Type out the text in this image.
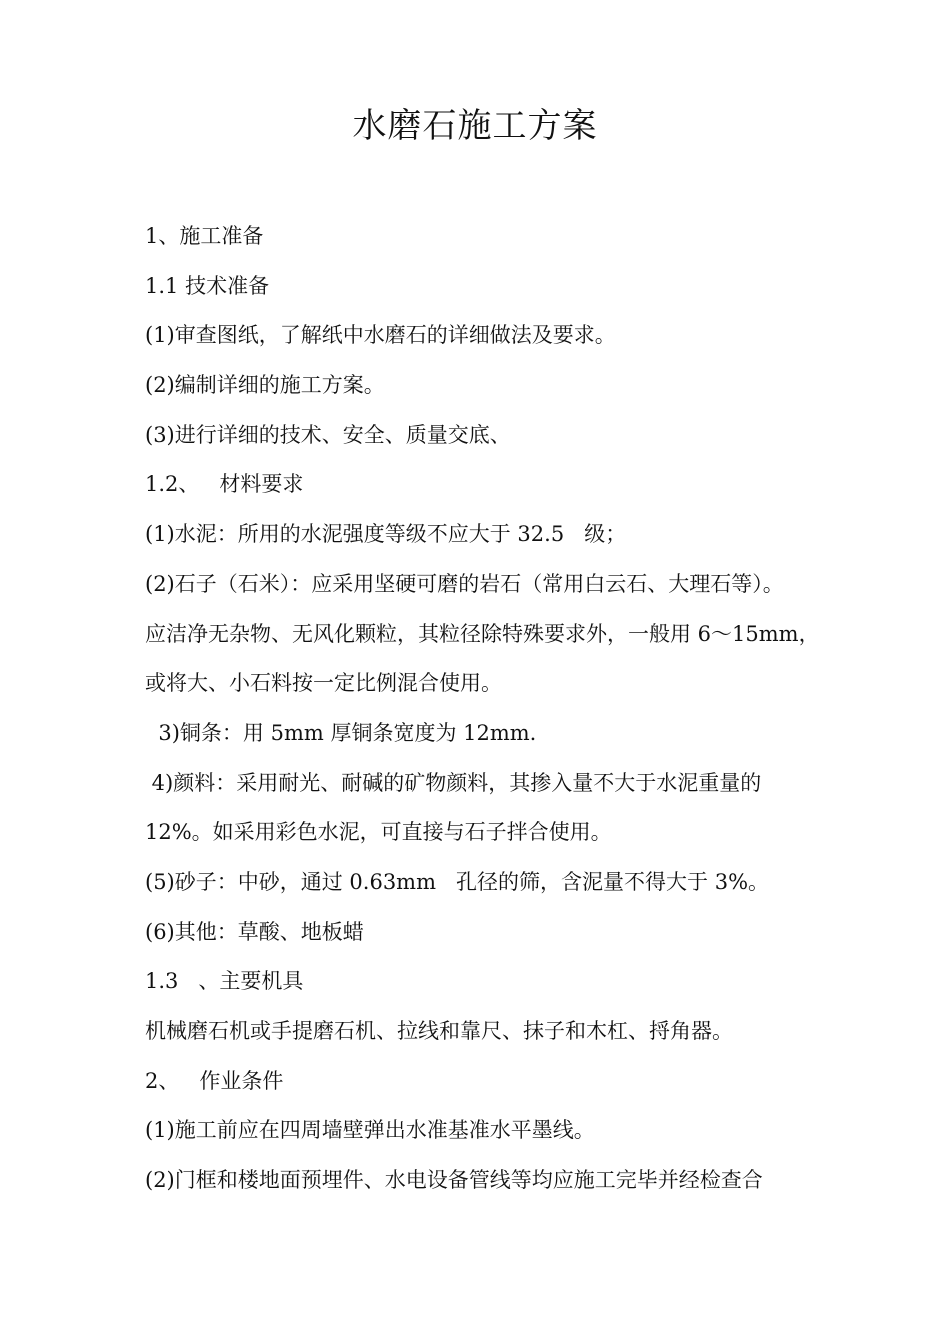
水磨石施工方案
1、施工准备
1.1 技术准备
(1)审查图纸，了解纸中水磨石的详细做法及要求。
(2)编制详细的施工方案。
(3)进行详细的技术、安全、质量交底、
1.2、   材料要求
(1)水泥：所用的水泥强度等级不应大于 32.5   级；
(2)石子（石米）：应采用坚硬可磨的岩石（常用白云石、大理石等）。
应洁净无杂物、无风化颗粒，其粒径除特殊要求外，一般用 6～15mm，
或将大、小石料按一定比例混合使用。
3)铜条：用 5mm 厚铜条宽度为 12mm.
4)颜料：采用耐光、耐碱的矿物颜料，其掺入量不大于水泥重量的
12%。如采用彩色水泥，可直接与石子拌合使用。
(5)砂子：中砂，通过 0.63mm   孔径的筛，含泥量不得大于 3%。
(6)其他：草酸、地板蜡
1.3   、主要机具
机械磨石机或手提磨石机、拉线和靠尺、抹子和木杠、捋角器。
2、   作业条件
(1)施工前应在四周墙壁弹出水准基准水平墨线。
(2)门框和楼地面预埋件、水电设备管线等均应施工完毕并经检查合
